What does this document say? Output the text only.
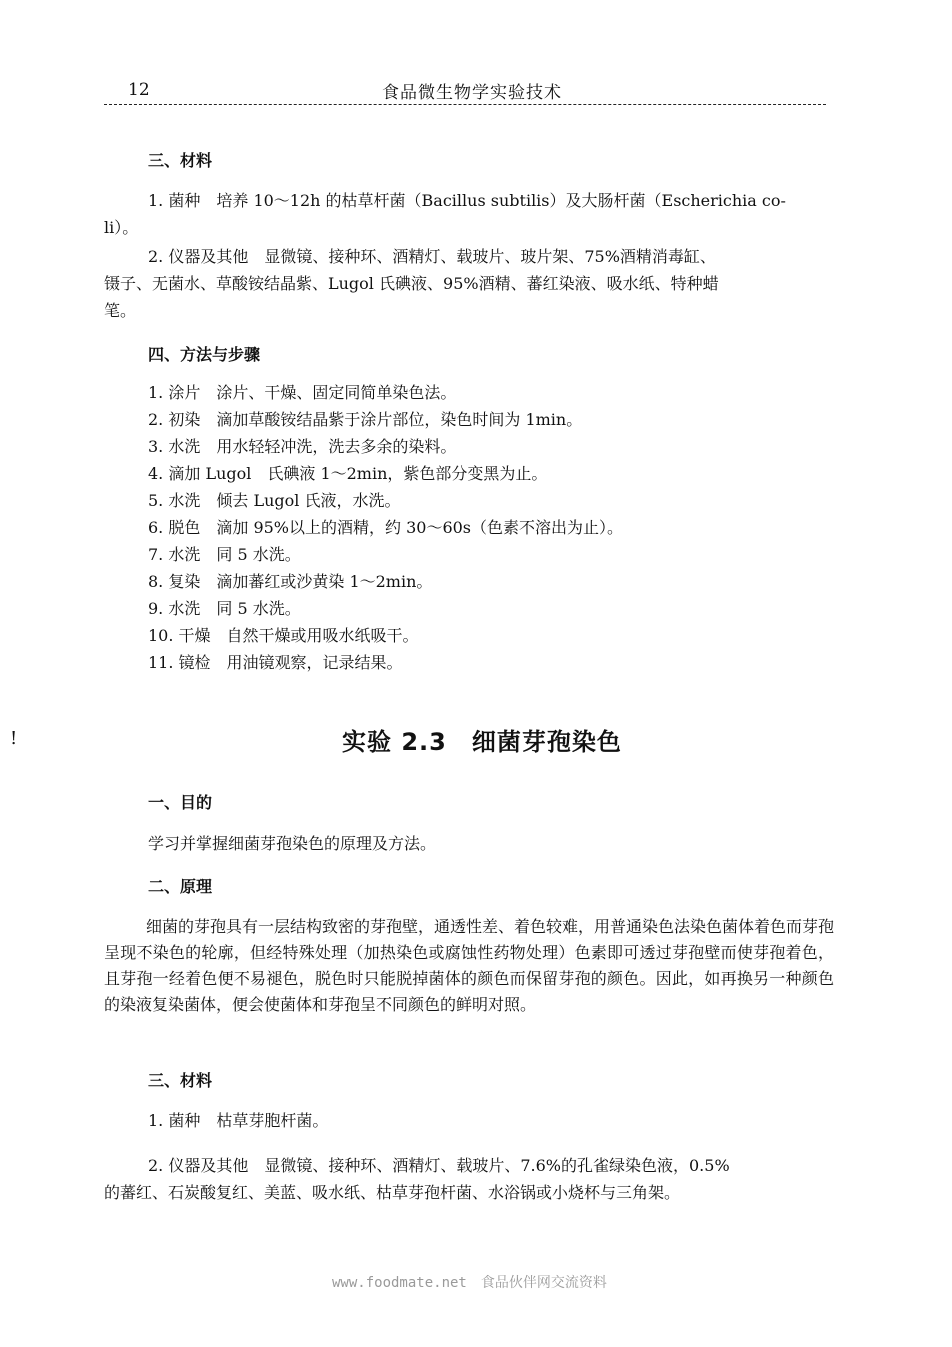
12	食品微生物学实验技术
三、材料
1. 菌种　培养 10～12h 的枯草杆菌（Bacillus subtilis）及大肠杆菌（Escherichia co-
li）。
2. 仪器及其他　显微镜、接种环、酒精灯、载玻片、玻片架、75%酒精消毒缸、
镊子、无菌水、草酸铵结晶紫、Lugol 氏碘液、95%酒精、蕃红染液、吸水纸、特种蜡
笔。
四、方法与步骤
1. 涂片　涂片、干燥、固定同简单染色法。
2. 初染　滴加草酸铵结晶紫于涂片部位，染色时间为 1min。
3. 水洗　用水轻轻冲洗，洗去多余的染料。
4. 滴加 Lugol　氏碘液 1～2min，紫色部分变黑为止。
5. 水洗　倾去 Lugol 氏液，水洗。
6. 脱色　滴加 95%以上的酒精，约 30～60s（色素不溶出为止）。
7. 水洗　同 5 水洗。
8. 复染　滴加蕃红或沙黄染 1～2min。
9. 水洗　同 5 水洗。
10. 干燥　自然干燥或用吸水纸吸干。
11. 镜检　用油镜观察，记录结果。
!	实验 2.3　细菌芽孢染色
一、目的
学习并掌握细菌芽孢染色的原理及方法。
二、原理
细菌的芽孢具有一层结构致密的芽孢壁，通透性差、着色较难，用普通染色法染色菌体着色而芽孢呈现不染色的轮廓，但经特殊处理（加热染色或腐蚀性药物处理）色素即可透过芽孢壁而使芽孢着色，且芽孢一经着色便不易褪色，脱色时只能脱掉菌体的颜色而保留芽孢的颜色。因此，如再换另一种颜色的染液复染菌体，便会使菌体和芽孢呈不同颜色的鲜明对照。
三、材料
1. 菌种　枯草芽胞杆菌。
2. 仪器及其他　显微镜、接种环、酒精灯、载玻片、7.6%的孔雀绿染色液，0.5%
的蕃红、石炭酸复红、美蓝、吸水纸、枯草芽孢杆菌、水浴锅或小烧杯与三角架。
www.foodmate.net　食品伙伴网交流资料
